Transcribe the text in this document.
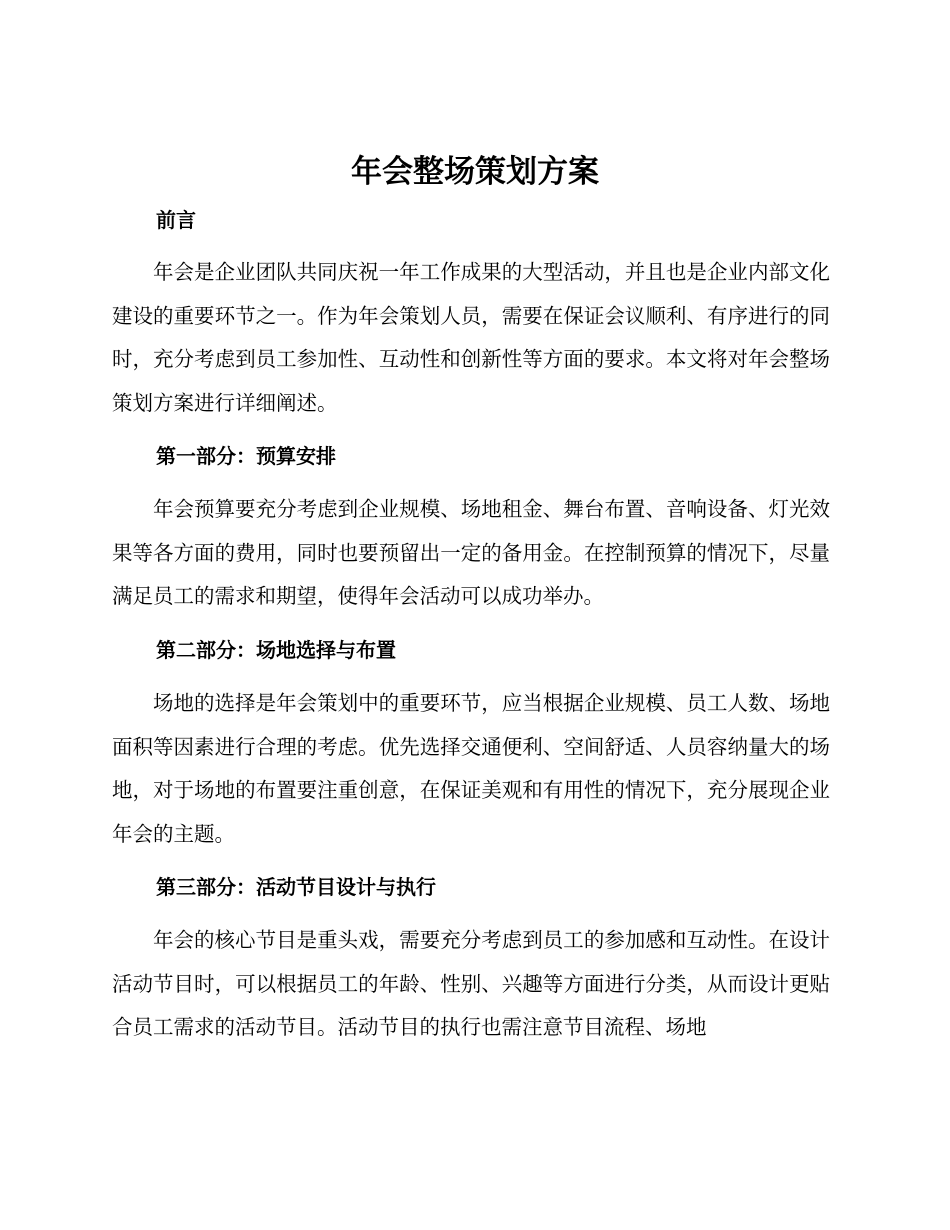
年会整场策划方案
前言

年会是企业团队共同庆祝一年工作成果的大型活动，并且也是企业内部文化建设的重要环节之一。作为年会策划人员，需要在保证会议顺利、有序进行的同时，充分考虑到员工参加性、互动性和创新性等方面的要求。本文将对年会整场策划方案进行详细阐述。

第一部分：预算安排

年会预算要充分考虑到企业规模、场地租金、舞台布置、音响设备、灯光效果等各方面的费用，同时也要预留出一定的备用金。在控制预算的情况下，尽量满足员工的需求和期望，使得年会活动可以成功举办。

第二部分：场地选择与布置

场地的选择是年会策划中的重要环节，应当根据企业规模、员工人数、场地面积等因素进行合理的考虑。优先选择交通便利、空间舒适、人员容纳量大的场地，对于场地的布置要注重创意，在保证美观和有用性的情况下，充分展现企业年会的主题。

第三部分：活动节目设计与执行

年会的核心节目是重头戏，需要充分考虑到员工的参加感和互动性。在设计活动节目时，可以根据员工的年龄、性别、兴趣等方面进行分类，从而设计更贴合员工需求的活动节目。活动节目的执行也需注意节目流程、场地
